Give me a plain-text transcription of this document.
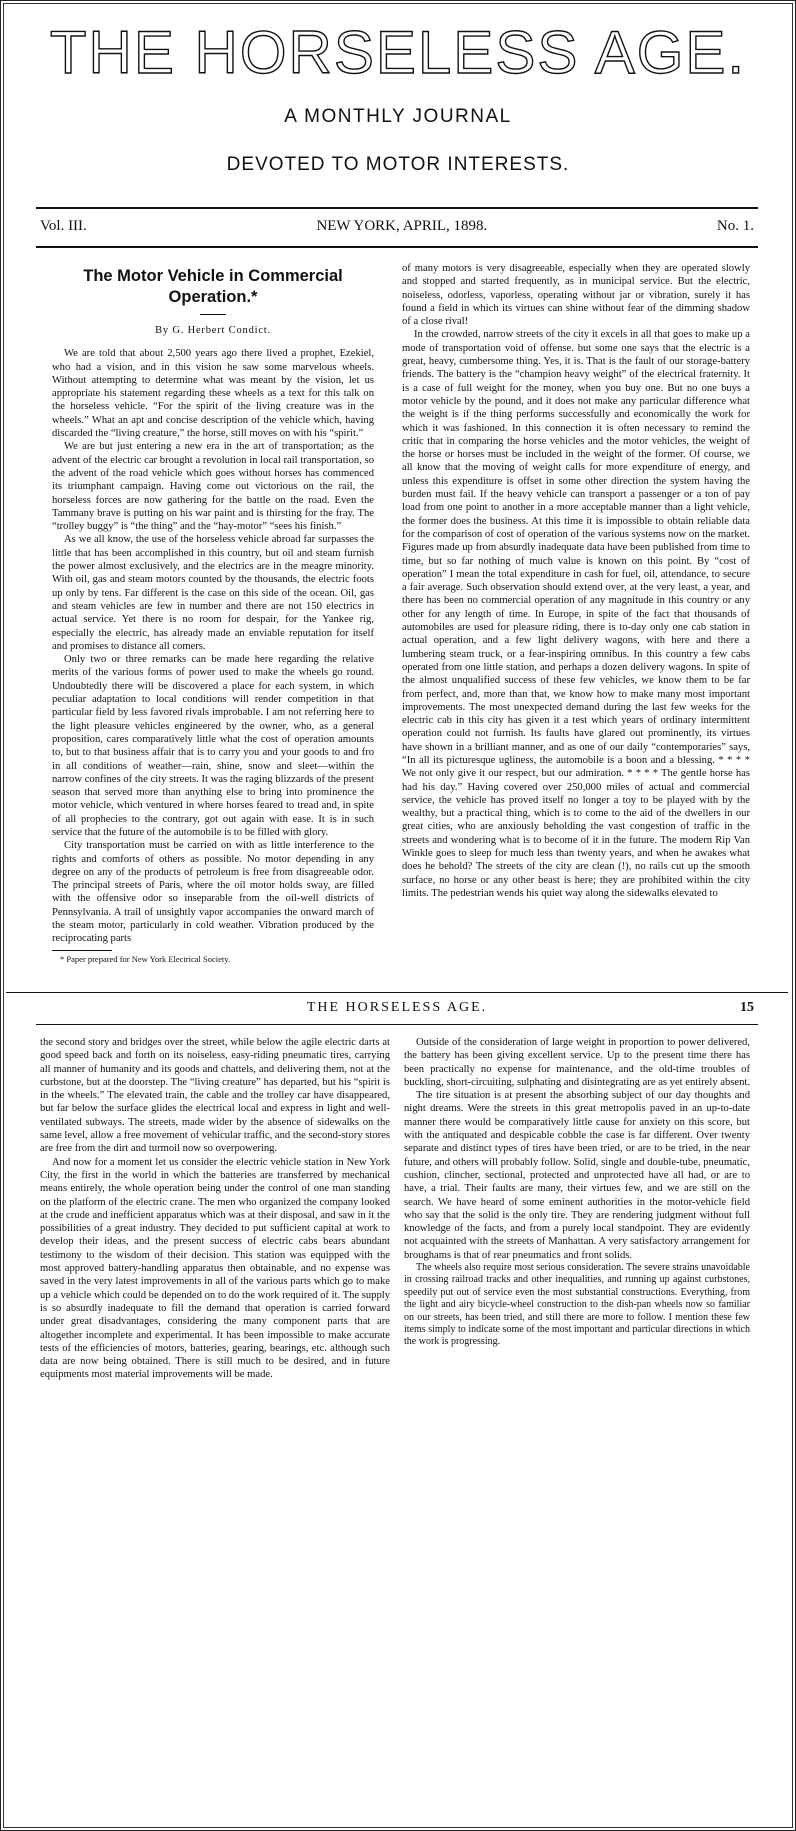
THE HORSELESS AGE.
A MONTHLY JOURNAL
DEVOTED TO MOTOR INTERESTS.
Vol. III.	NEW YORK, APRIL, 1898.	No. 1.
The Motor Vehicle in Commercial Operation.*
By G. Herbert Condict.

We are told that about 2,500 years ago there lived a prophet, Ezekiel, who had a vision, and in this vision he saw some marvelous wheels. Without attempting to determine what was meant by the vision, let us appropriate his statement regarding these wheels as a text for this talk on the horseless vehicle. “For the spirit of the living creature was in the wheels.” What an apt and concise description of the vehicle which, having discarded the “living creature,” the horse, still moves on with his “spirit.”

We are but just entering a new era in the art of transportation; as the advent of the electric car brought a revolution in local rail transportation, so the advent of the road vehicle which goes without horses has commenced its triumphant campaign. Having come out victorious on the rail, the horseless forces are now gathering for the battle on the road. Even the Tammany brave is putting on his war paint and is thirsting for the fray. The “trolley buggy” is “the thing” and the “hay-motor” “sees his finish.”

As we all know, the use of the horseless vehicle abroad far surpasses the little that has been accomplished in this country, but oil and steam furnish the power almost exclusively, and the electrics are in the meagre minority. With oil, gas and steam motors counted by the thousands, the electric foots up only by tens. Far different is the case on this side of the ocean. Oil, gas and steam vehicles are few in number and there are not 150 electrics in actual service. Yet there is no room for despair, for the Yankee rig, especially the electric, has already made an enviable reputation for itself and promises to distance all comers.

Only two or three remarks can be made here regarding the relative merits of the various forms of power used to make the wheels go round. Undoubtedly there will be discovered a place for each system, in which peculiar adaptation to local conditions will render competition in that particular field by less favored rivals improbable. I am not referring here to the light pleasure vehicles engineered by the owner, who, as a general proposition, cares comparatively little what the cost of operation amounts to, but to that business affair that is to carry you and your goods to and fro in all conditions of weather—rain, shine, snow and sleet—within the narrow confines of the city streets. It was the raging blizzards of the present season that served more than anything else to bring into prominence the motor vehicle, which ventured in where horses feared to tread and, in spite of all prophecies to the contrary, got out again with ease. It is in such service that the future of the automobile is to be filled with glory.

City transportation must be carried on with as little interference to the rights and comforts of others as possible. No motor depending in any degree on any of the products of petroleum is free from disagreeable odor. The principal streets of Paris, where the oil motor holds sway, are filled with the offensive odor so inseparable from the oil-well districts of Pennsylvania. A trail of unsightly vapor accompanies the onward march of the steam motor, particularly in cold weather. Vibration produced by the reciprocating parts

* Paper prepared for New York Electrical Society.

of many motors is very disagreeable, especially when they are operated slowly and stopped and started frequently, as in municipal service. But the electric, noiseless, odorless, vaporless, operating without jar or vibration, surely it has found a field in which its virtues can shine without fear of the dimming shadow of a close rival!

In the crowded, narrow streets of the city it excels in all that goes to make up a mode of transportation void of offense. but some one says that the electric is a great, heavy, cumbersome thing. Yes, it is. That is the fault of our storage-battery friends. The battery is the “champion heavy weight” of the electrical fraternity. It is a case of full weight for the money, when you buy one. But no one buys a motor vehicle by the pound, and it does not make any particular difference what the weight is if the thing performs successfully and economically the work for which it was fashioned. In this connection it is often necessary to remind the critic that in comparing the horse vehicles and the motor vehicles, the weight of the horse or horses must be included in the weight of the former. Of course, we all know that the moving of weight calls for more expenditure of energy, and unless this expenditure is offset in some other direction the system having the burden must fail. If the heavy vehicle can transport a passenger or a ton of pay load from one point to another in a more acceptable manner than a light vehicle, the former does the business. At this time it is impossible to obtain reliable data for the comparison of cost of operation of the various systems now on the market. Figures made up from absurdly inadequate data have been published from time to time, but so far nothing of much value is known on this point. By “cost of operation” I mean the total expenditure in cash for fuel, oil, attendance, to secure a fair average. Such observation should extend over, at the very least, a year, and there has been no commercial operation of any magnitude in this country or any other for any length of time. In Europe, in spite of the fact that thousands of automobiles are used for pleasure riding, there is to-day only one cab station in actual operation, and a few light delivery wagons, with here and there a lumbering steam truck, or a fear-inspiring omnibus. In this country a few cabs operated from one little station, and perhaps a dozen delivery wagons. In spite of the almost unqualified success of these few vehicles, we know them to be far from perfect, and, more than that, we know how to make many most important improvements. The most unexpected demand during the last few weeks for the electric cab in this city has given it a test which years of ordinary intermittent operation could not furnish. Its faults have glared out prominently, its virtues have shown in a brilliant manner, and as one of our daily “contemporaries” says, “In all its picturesque ugliness, the automobile is a boon and a blessing. * * * * We not only give it our respect, but our admiration. * * * * The gentle horse has had his day.” Having covered over 250,000 miles of actual and commercial service, the vehicle has proved itself no longer a toy to be played with by the wealthy, but a practical thing, which is to come to the aid of the dwellers in our great cities, who are anxiously beholding the vast congestion of traffic in the streets and wondering what is to become of it in the future. The modern Rip Van Winkle goes to sleep for much less than twenty years, and when he awakes what does he behold? The streets of the city are clean (!), no rails cut up the smooth surface, no horse or any other beast is here; they are prohibited within the city limits. The pedestrian wends his quiet way along the sidewalks elevated to

THE HORSELESS AGE.	15

the second story and bridges over the street, while below the agile electric darts at good speed back and forth on its noiseless, easy-riding pneumatic tires, carrying all manner of humanity and its goods and chattels, and delivering them, not at the curbstone, but at the doorstep. The “living creature” has departed, but his “spirit is in the wheels.” The elevated train, the cable and the trolley car have disappeared, but far below the surface glides the electrical local and express in light and well-ventilated subways. The streets, made wider by the absence of sidewalks on the same level, allow a free movement of vehicular traffic, and the second-story stores are free from the dirt and turmoil now so overpowering.

And now for a moment let us consider the electric vehicle station in New York City, the first in the world in which the batteries are transferred by mechanical means entirely, the whole operation being under the control of one man standing on the platform of the electric crane. The men who organized the company looked at the crude and inefficient apparatus which was at their disposal, and saw in it the possibilities of a great industry. They decided to put sufficient capital at work to develop their ideas, and the present success of electric cabs bears abundant testimony to the wisdom of their decision. This station was equipped with the most approved battery-handling apparatus then obtainable, and no expense was saved in the very latest improvements in all of the various parts which go to make up a vehicle which could be depended on to do the work required of it. The supply is so absurdly inadequate to fill the demand that operation is carried forward under great disadvantages, considering the many component parts that are altogether incomplete and experimental. It has been impossible to make accurate tests of the efficiencies of motors, batteries, gearing, bearings, etc. although such data are now being obtained. There is still much to be desired, and in future equipments most material improvements will be made.

Outside of the consideration of large weight in proportion to power delivered, the battery has been giving excellent service. Up to the present time there has been practically no expense for maintenance, and the old-time troubles of buckling, short-circuiting, sulphating and disintegrating are as yet entirely absent.

The tire situation is at present the absorbing subject of our day thoughts and night dreams. Were the streets in this great metropolis paved in an up-to-date manner there would be comparatively little cause for anxiety on this score, but with the antiquated and despicable cobble the case is far different. Over twenty separate and distinct types of tires have been tried, or are to be tried, in the near future, and others will probably follow. Solid, single and double-tube, pneumatic, cushion, clincher, sectional, protected and unprotected have all had, or are to have, a trial. Their faults are many, their virtues few, and we are still on the search. We have heard of some eminent authorities in the motor-vehicle field who say that the solid is the only tire. They are rendering judgment without full knowledge of the facts, and from a purely local standpoint. They are evidently not acquainted with the streets of Manhattan. A very satisfactory arrangement for broughams is that of rear pneumatics and front solids.

The wheels also require most serious consideration. The severe strains unavoidable in crossing railroad tracks and other inequalities, and running up against curbstones, speedily put out of service even the most substantial constructions. Everything, from the light and airy bicycle-wheel construction to the dish-pan wheels now so familiar on our streets, has been tried, and still there are more to follow. I mention these few items simply to indicate some of the most important and particular directions in which the work is progressing.
